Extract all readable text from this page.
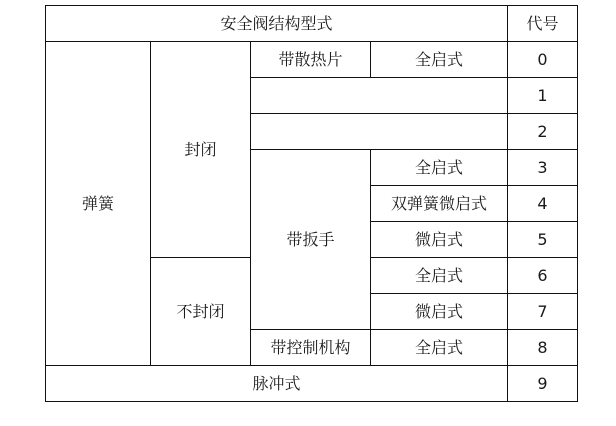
安全阀结构型式				代号
弹簧	封闭	带散热片	全启式	0
				1
				2
		带扳手	全启式	3
			双弹簧微启式	4
			微启式	5
	不封闭		全启式	6
			微启式	7
		带控制机构	全启式	8
脉冲式				9
